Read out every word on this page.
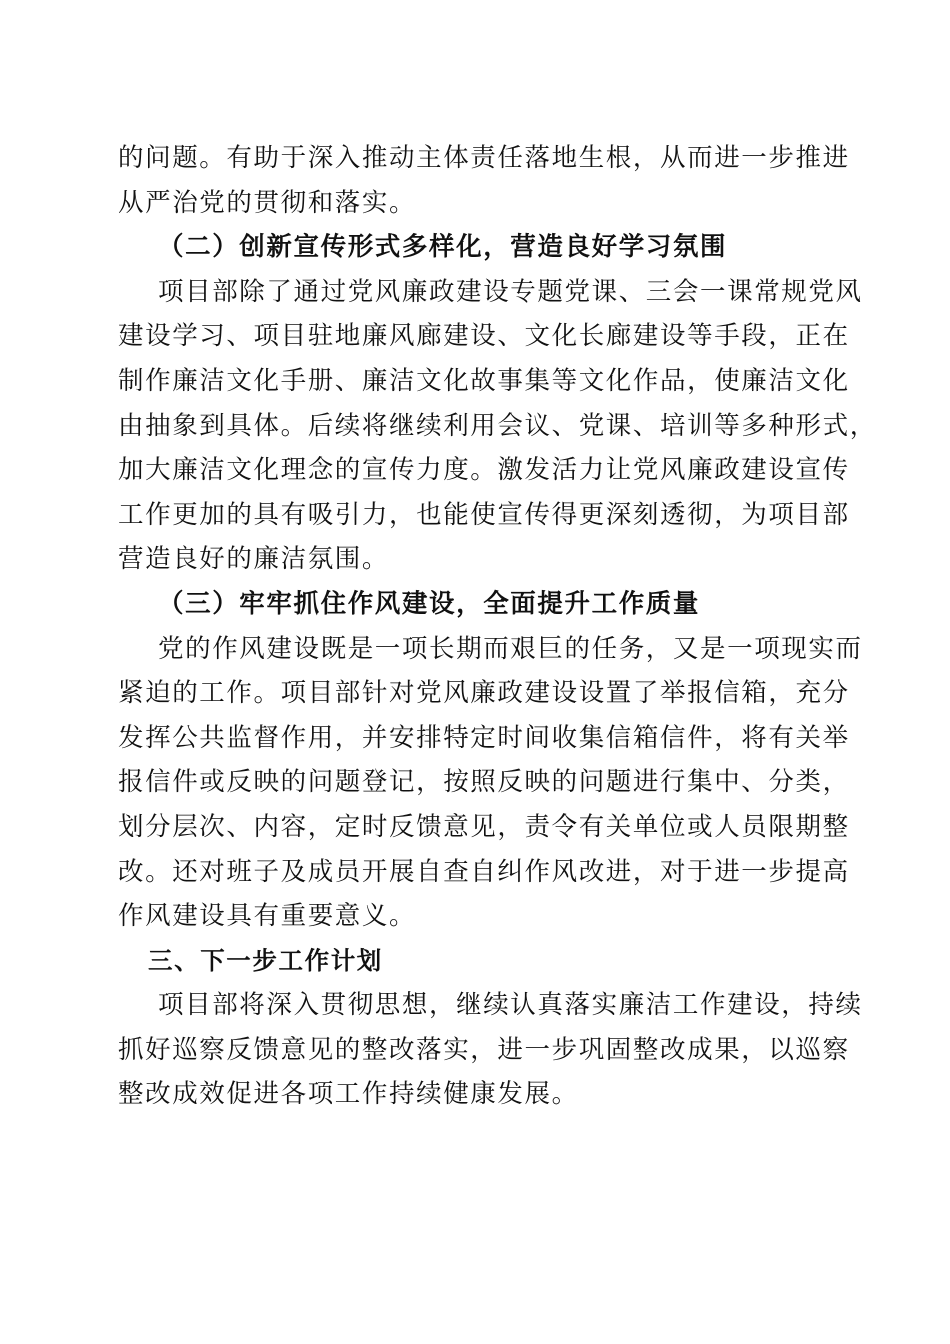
的问题。有助于深入推动主体责任落地生根，从而进一步推进
从严治党的贯彻和落实。
（二）创新宣传形式多样化，营造良好学习氛围
项目部除了通过党风廉政建设专题党课、三会一课常规党风
建设学习、项目驻地廉风廊建设、文化长廊建设等手段，正在
制作廉洁文化手册、廉洁文化故事集等文化作品，使廉洁文化
由抽象到具体。后续将继续利用会议、党课、培训等多种形式，
加大廉洁文化理念的宣传力度。激发活力让党风廉政建设宣传
工作更加的具有吸引力，也能使宣传得更深刻透彻，为项目部
营造良好的廉洁氛围。
（三）牢牢抓住作风建设，全面提升工作质量
党的作风建设既是一项长期而艰巨的任务，又是一项现实而
紧迫的工作。项目部针对党风廉政建设设置了举报信箱，充分
发挥公共监督作用，并安排特定时间收集信箱信件，将有关举
报信件或反映的问题登记，按照反映的问题进行集中、分类，
划分层次、内容，定时反馈意见，责令有关单位或人员限期整
改。还对班子及成员开展自查自纠作风改进，对于进一步提高
作风建设具有重要意义。
三、下一步工作计划
项目部将深入贯彻思想，继续认真落实廉洁工作建设，持续
抓好巡察反馈意见的整改落实，进一步巩固整改成果，以巡察
整改成效促进各项工作持续健康发展。
